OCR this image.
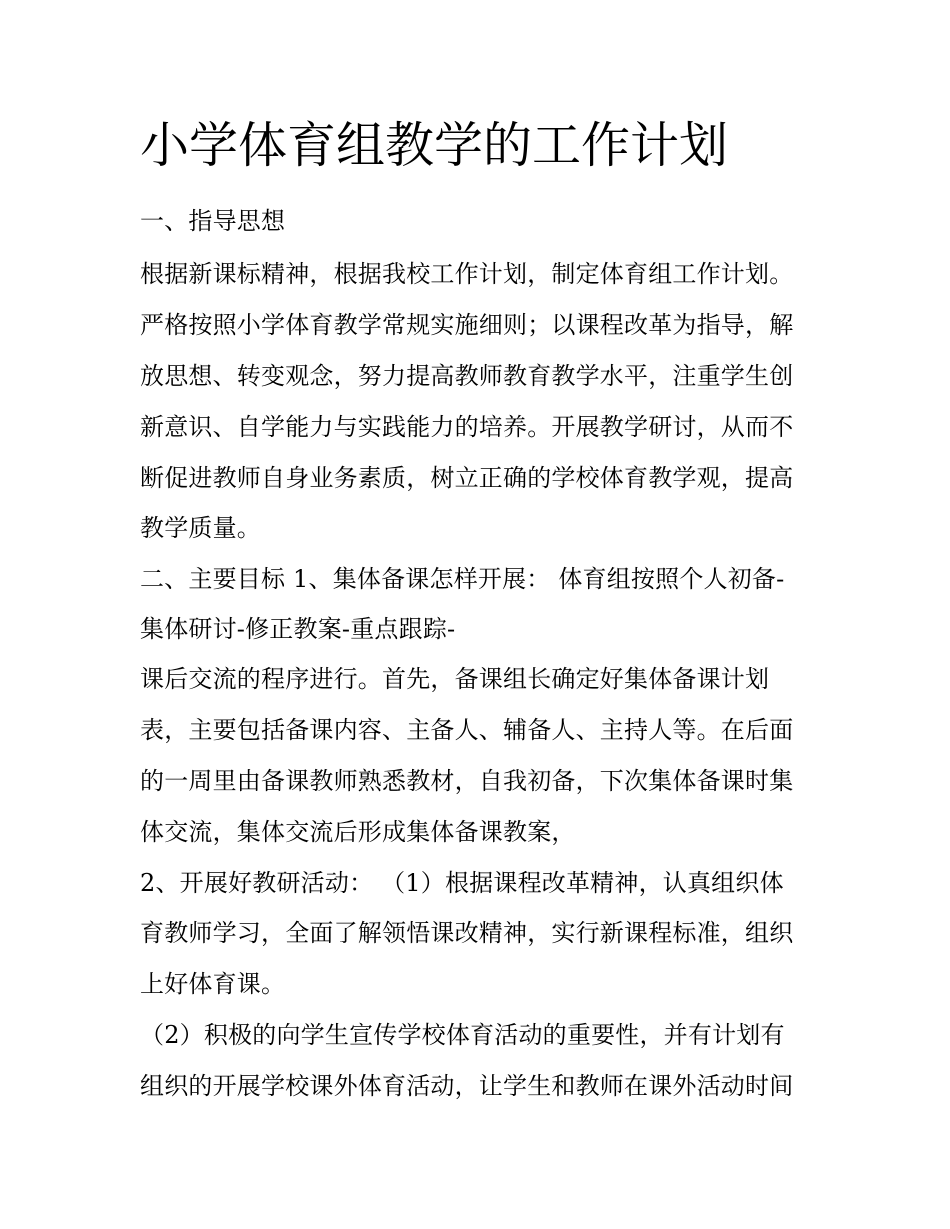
小学体育组教学的工作计划

一、指导思想

根据新课标精神，根据我校工作计划，制定体育组工作计划。

严格按照小学体育教学常规实施细则；以课程改革为指导，解

放思想、转变观念，努力提高教师教育教学水平，注重学生创

新意识、自学能力与实践能力的培养。开展教学研讨，从而不

断促进教师自身业务素质，树立正确的学校体育教学观，提高

教学质量。

二、主要目标 1、集体备课怎样开展： 体育组按照个人初备-

集体研讨-修正教案-重点跟踪-

课后交流的程序进行。首先，备课组长确定好集体备课计划

表，主要包括备课内容、主备人、辅备人、主持人等。在后面

的一周里由备课教师熟悉教材，自我初备，下次集体备课时集

体交流，集体交流后形成集体备课教案，

2、开展好教研活动： （1）根据课程改革精神，认真组织体

育教师学习，全面了解领悟课改精神，实行新课程标准，组织

上好体育课。

（2）积极的向学生宣传学校体育活动的重要性，并有计划有

组织的开展学校课外体育活动，让学生和教师在课外活动时间
